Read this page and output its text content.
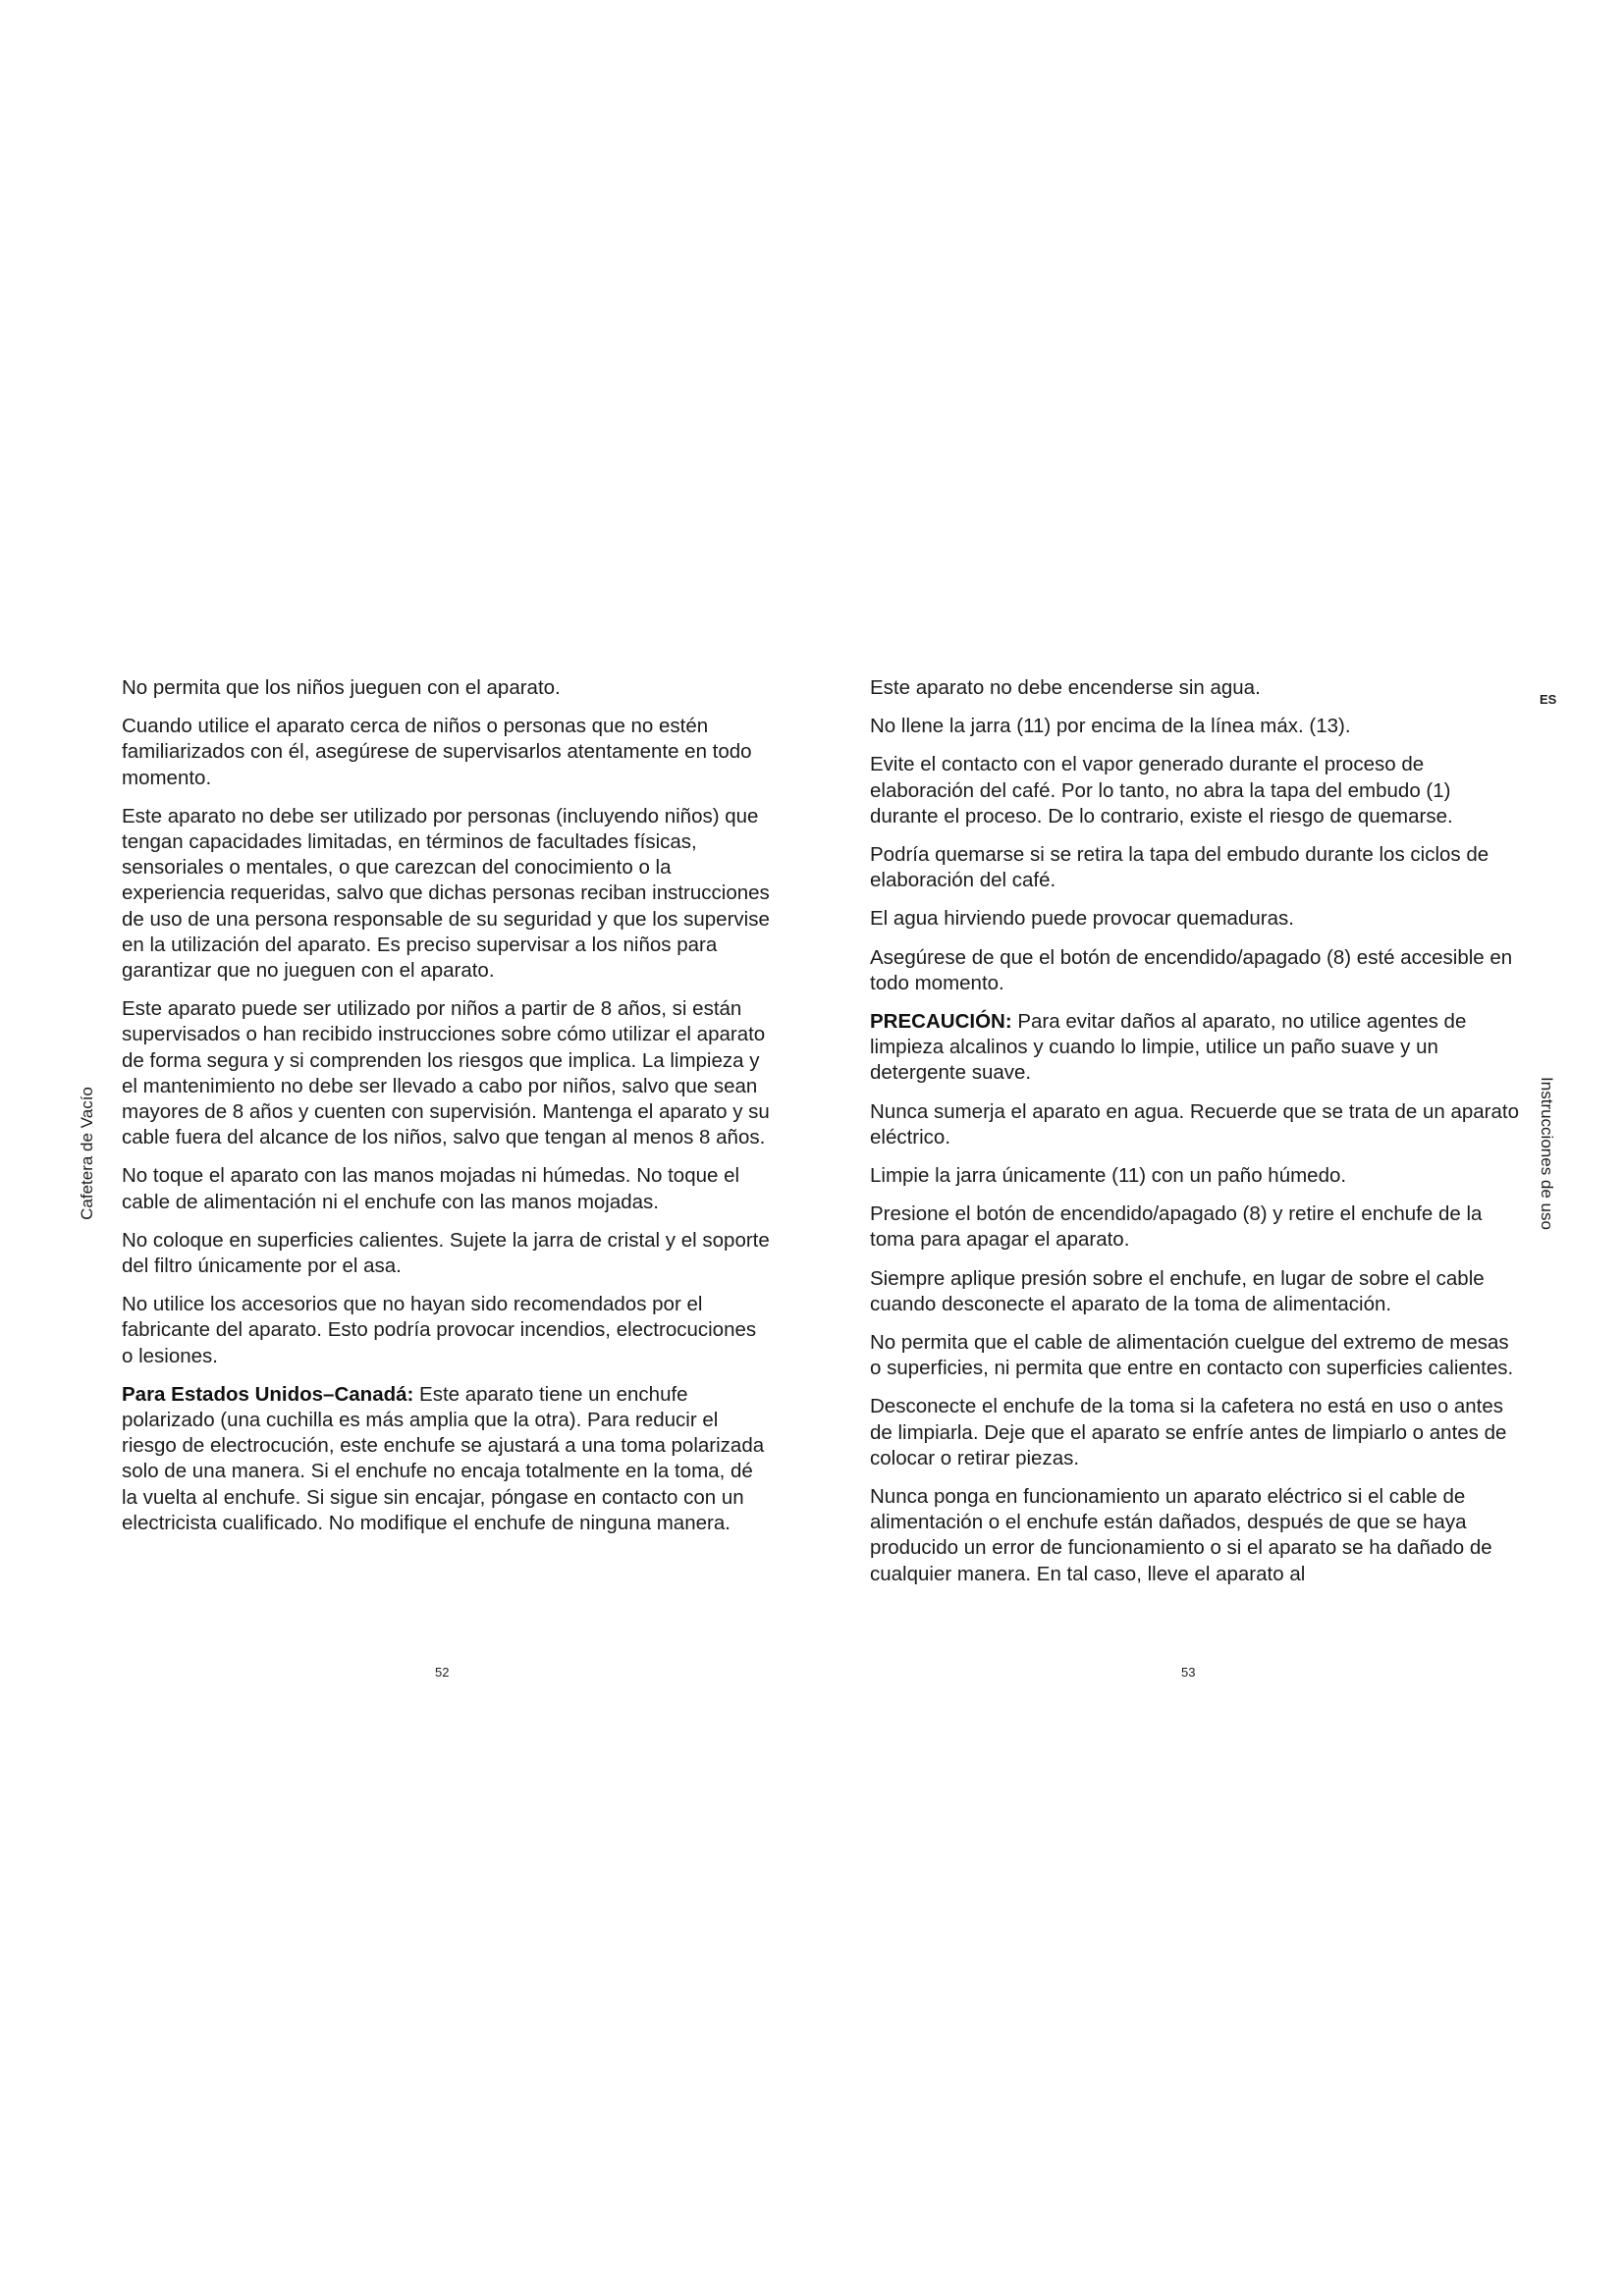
Cafetera de Vacío

No permita que los niños jueguen con el aparato.

Cuando utilice el aparato cerca de niños o personas que no estén familiarizados con él, asegúrese de supervisarlos atentamente en todo momento.

Este aparato no debe ser utilizado por personas (incluyendo niños) que tengan capacidades limitadas, en términos de facultades físicas, sensoriales o mentales, o que carezcan del conocimiento o la experiencia requeridas, salvo que dichas personas reciban instrucciones de uso de una persona responsable de su seguridad y que los supervise en la utilización del aparato. Es preciso supervisar a los niños para garantizar que no jueguen con el aparato.

Este aparato puede ser utilizado por niños a partir de 8 años, si están supervisados o han recibido instrucciones sobre cómo utilizar el aparato de forma segura y si comprenden los riesgos que implica. La limpieza y el mantenimiento no debe ser llevado a cabo por niños, salvo que sean mayores de 8 años y cuenten con supervisión. Mantenga el aparato y su cable fuera del alcance de los niños, salvo que tengan al menos 8 años.

No toque el aparato con las manos mojadas ni húmedas. No toque el cable de alimentación ni el enchufe con las manos mojadas.

No coloque en superficies calientes. Sujete la jarra de cristal y el soporte del filtro únicamente por el asa.

No utilice los accesorios que no hayan sido recomendados por el fabricante del aparato. Esto podría provocar incendios, electrocuciones o lesiones.

Para Estados Unidos–Canadá: Este aparato tiene un enchufe polarizado (una cuchilla es más amplia que la otra). Para reducir el riesgo de electrocución, este enchufe se ajustará a una toma polarizada solo de una manera. Si el enchufe no encaja totalmente en la toma, dé la vuelta al enchufe. Si sigue sin encajar, póngase en contacto con un electricista cualificado. No modifique el enchufe de ninguna manera.

52

Este aparato no debe encenderse sin agua.

No llene la jarra (11) por encima de la línea máx. (13).

Evite el contacto con el vapor generado durante el proceso de elaboración del café. Por lo tanto, no abra la tapa del embudo (1) durante el proceso. De lo contrario, existe el riesgo de quemarse.

Podría quemarse si se retira la tapa del embudo durante los ciclos de elaboración del café.

El agua hirviendo puede provocar quemaduras.

Asegúrese de que el botón de encendido/apagado (8) esté accesible en todo momento.

PRECAUCIÓN: Para evitar daños al aparato, no utilice agentes de limpieza alcalinos y cuando lo limpie, utilice un paño suave y un detergente suave.

Nunca sumerja el aparato en agua. Recuerde que se trata de un aparato eléctrico.

Limpie la jarra únicamente (11) con un paño húmedo.

Presione el botón de encendido/apagado (8) y retire el enchufe de la toma para apagar el aparato.

Siempre aplique presión sobre el enchufe, en lugar de sobre el cable cuando desconecte el aparato de la toma de alimentación.

No permita que el cable de alimentación cuelgue del extremo de mesas o superficies, ni permita que entre en contacto con superficies calientes.

Desconecte el enchufe de la toma si la cafetera no está en uso o antes de limpiarla. Deje que el aparato se enfríe antes de limpiarlo o antes de colocar o retirar piezas.

Nunca ponga en funcionamiento un aparato eléctrico si el cable de alimentación o el enchufe están dañados, después de que se haya producido un error de funcionamiento o si el aparato se ha dañado de cualquier manera. En tal caso, lleve el aparato al

ES
Instrucciones de uso
53
